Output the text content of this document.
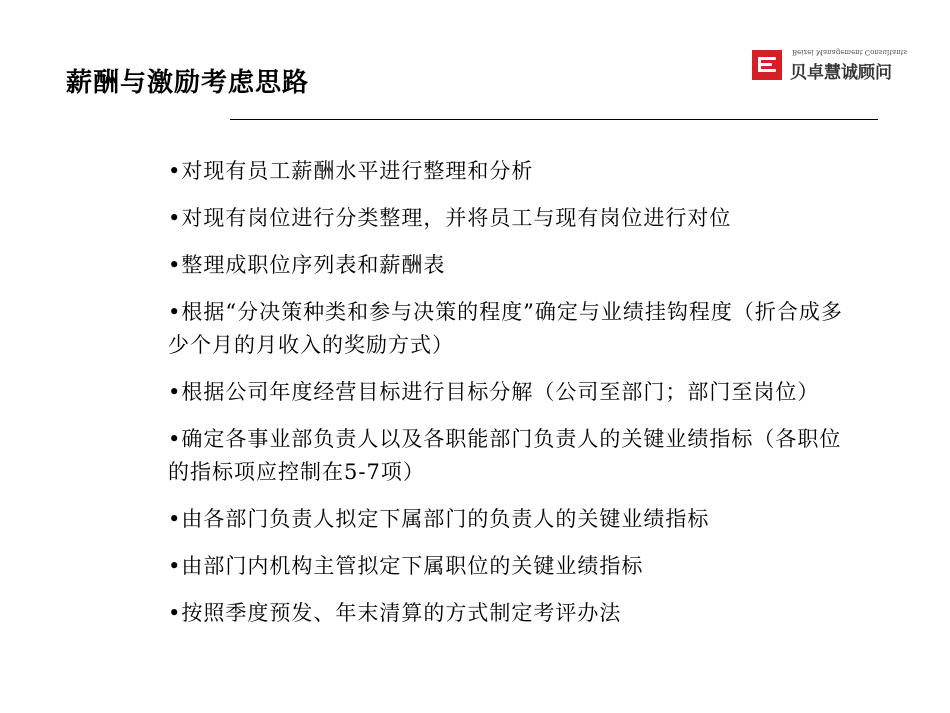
薪酬与激励考虑思路
Beizel Management Consultants
贝卓慧诚顾问
•对现有员工薪酬水平进行整理和分析
•对现有岗位进行分类整理，并将员工与现有岗位进行对位
•整理成职位序列表和薪酬表
•根据“分决策种类和参与决策的程度”确定与业绩挂钩程度（折合成多少个月的月收入的奖励方式）
•根据公司年度经营目标进行目标分解（公司至部门；部门至岗位）
•确定各事业部负责人以及各职能部门负责人的关键业绩指标（各职位的指标项应控制在5-7项）
•由各部门负责人拟定下属部门的负责人的关键业绩指标
•由部门内机构主管拟定下属职位的关键业绩指标
•按照季度预发、年末清算的方式制定考评办法
